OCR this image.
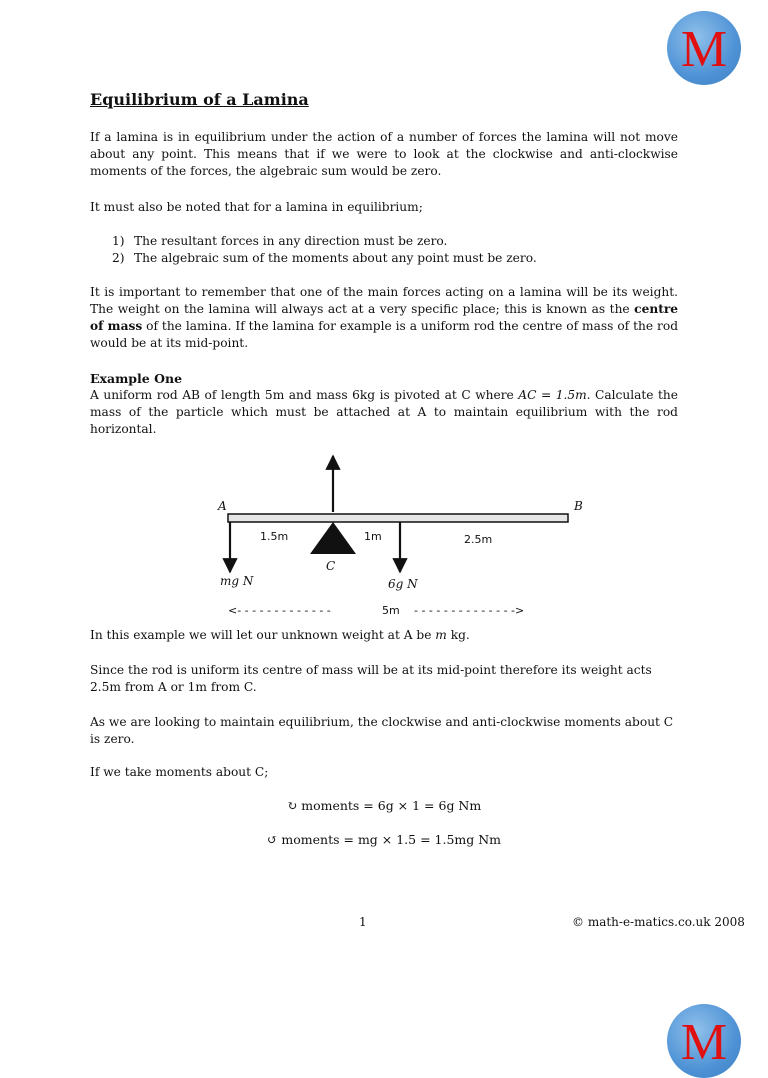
M
Equilibrium of a Lamina

If a lamina is in equilibrium under the action of a number of forces the lamina will not move about any point. This means that if we were to look at the clockwise and anti-clockwise moments of the forces, the algebraic sum would be zero.

It must also be noted that for a lamina in equilibrium;

1) The resultant forces in any direction must be zero.
2) The algebraic sum of the moments about any point must be zero.

It is important to remember that one of the main forces acting on a lamina will be its weight. The weight on the lamina will always act at a very specific place; this is known as the centre of mass of the lamina. If the lamina for example is a uniform rod the centre of mass of the rod would be at its mid-point.

Example One

A uniform rod AB of length 5m and mass 6kg is pivoted at C where AC = 1.5m. Calculate the mass of the particle which must be attached at A to maintain equilibrium with the rod horizontal.

A	B
C
1.5m	1m	2.5m
mg N	6g N
<- - - - - - - - - - - - -	5m - - - - - - - - - - - - - ->

In this example we will let our unknown weight at A be m kg.

Since the rod is uniform its centre of mass will be at its mid-point therefore its weight acts 2.5m from A or 1m from C.

As we are looking to maintain equilibrium, the clockwise and anti-clockwise moments about C is zero.

If we take moments about C;

↻ moments = 6g × 1 = 6g Nm

↺ moments = mg × 1.5 = 1.5mg Nm

1	© math-e-matics.co.uk 2008
M
